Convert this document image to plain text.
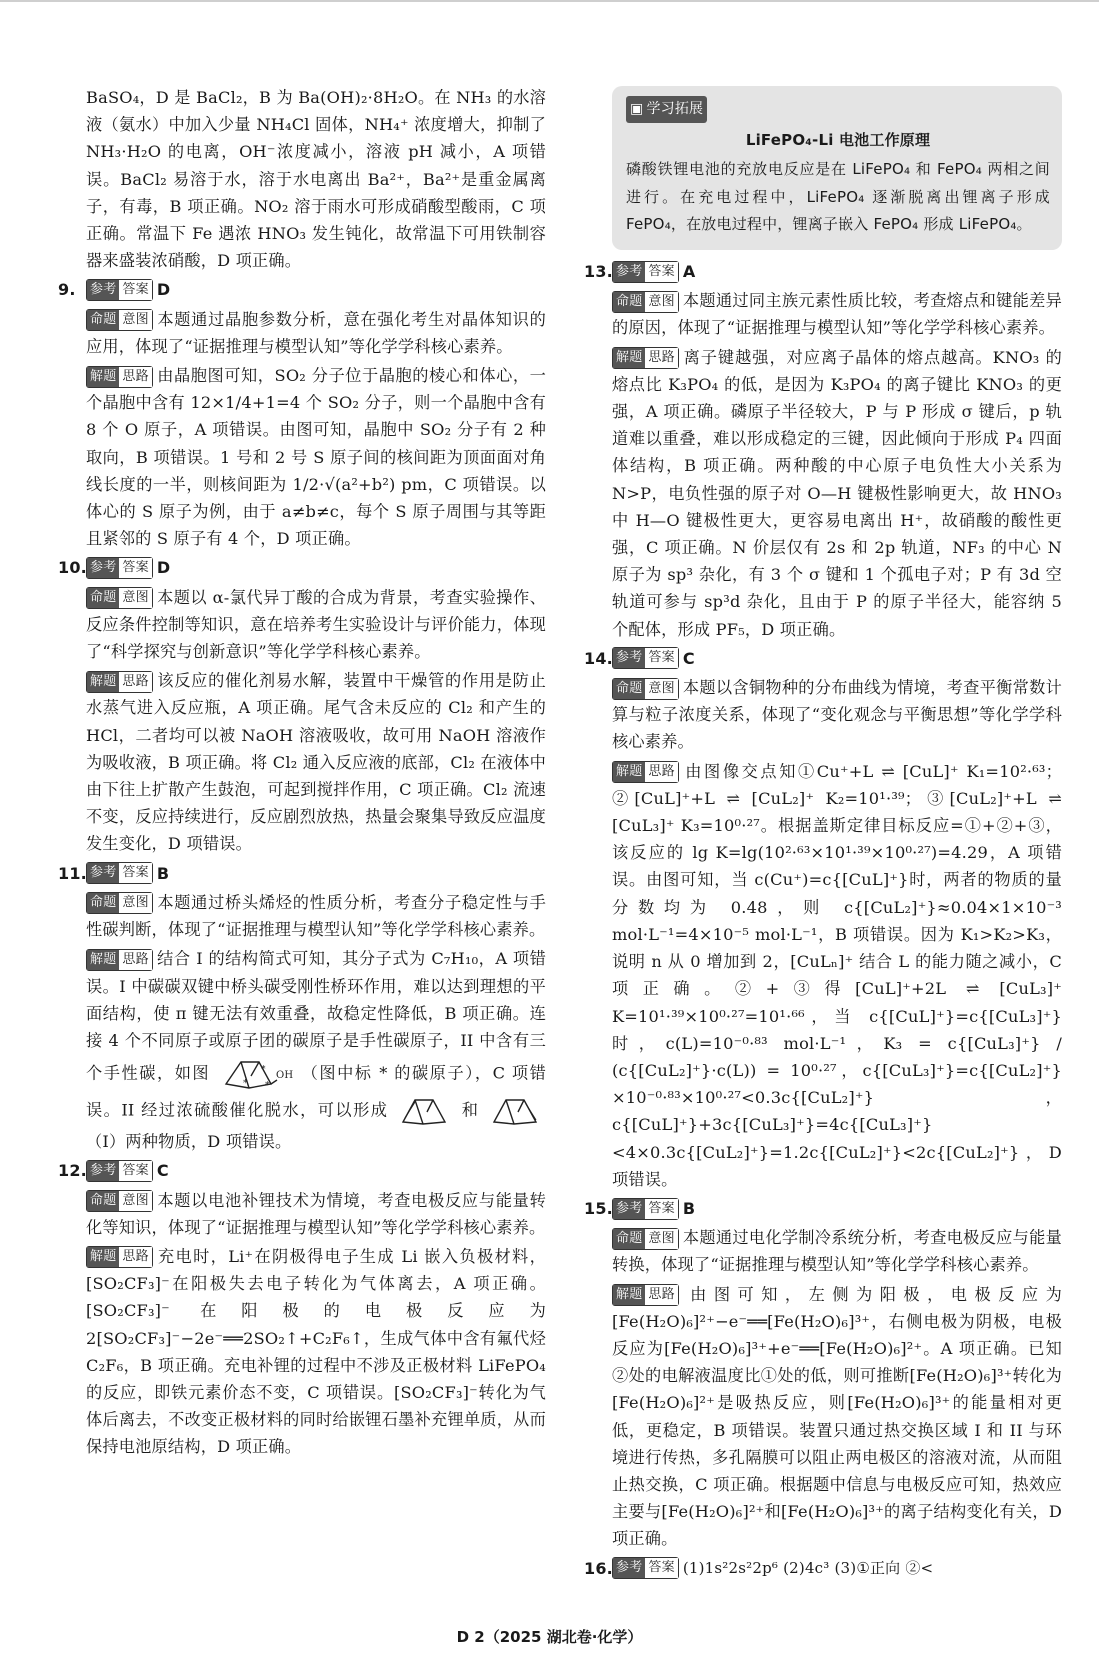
BaSO₄，D 是 BaCl₂，B 为 Ba(OH)₂·8H₂O。在 NH₃ 的水溶液（氨水）中加入少量 NH₄Cl 固体，NH₄⁺ 浓度增大，抑制了 NH₃·H₂O 的电离，OH⁻浓度减小，溶液 pH 减小，A 项错误。BaCl₂ 易溶于水，溶于水电离出 Ba²⁺，Ba²⁺是重金属离子，有毒，B 项正确。NO₂ 溶于雨水可形成硝酸型酸雨，C 项正确。常温下 Fe 遇浓 HNO₃ 发生钝化，故常温下可用铁制容器来盛装浓硝酸，D 项正确。

9.	参考 答案 D

命题 意图 本题通过晶胞参数分析，意在强化考生对晶体知识的应用，体现了“证据推理与模型认知”等化学学科核心素养。

解题 思路 由晶胞图可知，SO₂ 分子位于晶胞的棱心和体心，一个晶胞中含有 12×1/4+1=4 个 SO₂ 分子，则一个晶胞中含有 8 个 O 原子，A 项错误。由图可知，晶胞中 SO₂ 分子有 2 种取向，B 项错误。1 号和 2 号 S 原子间的核间距为顶面面对角线长度的一半，则核间距为 1/2·√(a²+b²) pm，C 项错误。以体心的 S 原子为例，由于 a≠b≠c，每个 S 原子周围与其等距且紧邻的 S 原子有 4 个，D 项正确。

10. 参考 答案 D

命题 意图 本题以 α-氯代异丁酸的合成为背景，考查实验操作、反应条件控制等知识，意在培养考生实验设计与评价能力，体现了“科学探究与创新意识”等化学学科核心素养。

解题 思路 该反应的催化剂易水解，装置中干燥管的作用是防止水蒸气进入反应瓶，A 项正确。尾气含未反应的 Cl₂ 和产生的 HCl，二者均可以被 NaOH 溶液吸收，故可用 NaOH 溶液作为吸收液，B 项正确。将 Cl₂ 通入反应液的底部，Cl₂ 在液体中由下往上扩散产生鼓泡，可起到搅拌作用，C 项正确。Cl₂ 流速不变，反应持续进行，反应剧烈放热，热量会聚集导致反应温度发生变化，D 项错误。

11. 参考 答案 B

命题 意图 本题通过桥头烯烃的性质分析，考查分子稳定性与手性碳判断，体现了“证据推理与模型认知”等化学学科核心素养。

解题 思路 结合 I 的结构简式可知，其分子式为 C₇H₁₀，A 项错误。I 中碳碳双键中桥头碳受刚性桥环作用，难以达到理想的平面结构，使 π 键无法有效重叠，故稳定性降低，B 项正确。连接 4 个不同原子或原子团的碳原子是手性碳原子，II 中含有三个手性碳，如图
*
*
*
OH （图中标 * 的碳原子），C 项错误。II 经过浓硫酸催化脱水，可以形成	和  （I）两种物质，D 项错误。

12. 参考 答案 C

命题 意图 本题以电池补锂技术为情境，考查电极反应与能量转化等知识，体现了“证据推理与模型认知”等化学学科核心素养。

解题 思路 充电时，Li⁺在阴极得电子生成 Li 嵌入负极材料，[SO₂CF₃]⁻在阳极失去电子转化为气体离去，A 项正确。[SO₂CF₃]⁻ 在阳极的电极反应为 2[SO₂CF₃]⁻−2e⁻══2SO₂↑+C₂F₆↑，生成气体中含有氟代烃 C₂F₆，B 项正确。充电补锂的过程中不涉及正极材料 LiFePO₄ 的反应，即铁元素价态不变，C 项错误。[SO₂CF₃]⁻转化为气体后离去，不改变正极材料的同时给嵌锂石墨补充锂单质，从而保持电池原结构，D 项正确。

▣ 学习拓展
LiFePO₄-Li 电池工作原理

磷酸铁锂电池的充放电反应是在 LiFePO₄ 和 FePO₄ 两相之间进行。在充电过程中，LiFePO₄ 逐渐脱离出锂离子形成 FePO₄，在放电过程中，锂离子嵌入 FePO₄ 形成 LiFePO₄。

13. 参考 答案 A

命题 意图 本题通过同主族元素性质比较，考查熔点和键能差异的原因，体现了“证据推理与模型认知”等化学学科核心素养。

解题 思路 离子键越强，对应离子晶体的熔点越高。KNO₃ 的熔点比 K₃PO₄ 的低，是因为 K₃PO₄ 的离子键比 KNO₃ 的更强，A 项正确。磷原子半径较大，P 与 P 形成 σ 键后，p 轨道难以重叠，难以形成稳定的三键，因此倾向于形成 P₄ 四面体结构，B 项正确。两种酸的中心原子电负性大小关系为 N>P，电负性强的原子对 O—H 键极性影响更大，故 HNO₃ 中 H—O 键极性更大，更容易电离出 H⁺，故硝酸的酸性更强，C 项正确。N 价层仅有 2s 和 2p 轨道，NF₃ 的中心 N 原子为 sp³ 杂化，有 3 个 σ 键和 1 个孤电子对；P 有 3d 空轨道可参与 sp³d 杂化，且由于 P 的原子半径大，能容纳 5 个配体，形成 PF₅，D 项正确。

14. 参考 答案 C

命题 意图 本题以含铜物种的分布曲线为情境，考查平衡常数计算与粒子浓度关系，体现了“变化观念与平衡思想”等化学学科核心素养。

解题 思路 由图像交点知①Cu⁺+L ⇌ [CuL]⁺ K₁=10²·⁶³；②[CuL]⁺+L ⇌ [CuL₂]⁺ K₂=10¹·³⁹；③[CuL₂]⁺+L ⇌ [CuL₃]⁺ K₃=10⁰·²⁷。根据盖斯定律目标反应=①+②+③，该反应的 lg K=lg(10²·⁶³×10¹·³⁹×10⁰·²⁷)=4.29，A 项错误。由图可知，当 c(Cu⁺)=c{[CuL]⁺}时，两者的物质的量分数均为 0.48，则 c{[CuL₂]⁺}≈0.04×1×10⁻³ mol·L⁻¹=4×10⁻⁵ mol·L⁻¹，B 项错误。因为 K₁>K₂>K₃，说明 n 从 0 增加到 2，[CuLₙ]⁺ 结合 L 的能力随之减小，C 项正确。②+③得[CuL]⁺+2L ⇌ [CuL₃]⁺ K=10¹·³⁹×10⁰·²⁷=10¹·⁶⁶，当 c{[CuL]⁺}=c{[CuL₃]⁺}时，c(L)=10⁻⁰·⁸³ mol·L⁻¹，K₃ = c{[CuL₃]⁺} / (c{[CuL₂]⁺}·c(L)) = 10⁰·²⁷，c{[CuL₃]⁺}=c{[CuL₂]⁺}×10⁻⁰·⁸³×10⁰·²⁷<0.3c{[CuL₂]⁺}，c{[CuL]⁺}+3c{[CuL₃]⁺}=4c{[CuL₃]⁺}<4×0.3c{[CuL₂]⁺}=1.2c{[CuL₂]⁺}<2c{[CuL₂]⁺}，D 项错误。

15. 参考 答案 B

命题 意图 本题通过电化学制冷系统分析，考查电极反应与能量转换，体现了“证据推理与模型认知”等化学学科核心素养。

解题 思路 由图可知，左侧为阳极，电极反应为[Fe(H₂O)₆]²⁺−e⁻══[Fe(H₂O)₆]³⁺，右侧电极为阴极，电极反应为[Fe(H₂O)₆]³⁺+e⁻══[Fe(H₂O)₆]²⁺。A 项正确。已知②处的电解液温度比①处的低，则可推断[Fe(H₂O)₆]³⁺转化为[Fe(H₂O)₆]²⁺是吸热反应，则[Fe(H₂O)₆]³⁺的能量相对更低，更稳定，B 项错误。装置只通过热交换区域 I 和 II 与环境进行传热，多孔隔膜可以阻止两电极区的溶液对流，从而阻止热交换，C 项正确。根据题中信息与电极反应可知，热效应主要与[Fe(H₂O)₆]²⁺和[Fe(H₂O)₆]³⁺的离子结构变化有关，D 项正确。

16. 参考 答案 (1)1s²2s²2p⁶ (2)4c³ (3)①正向 ②<
D 2（2025 湖北卷·化学）
